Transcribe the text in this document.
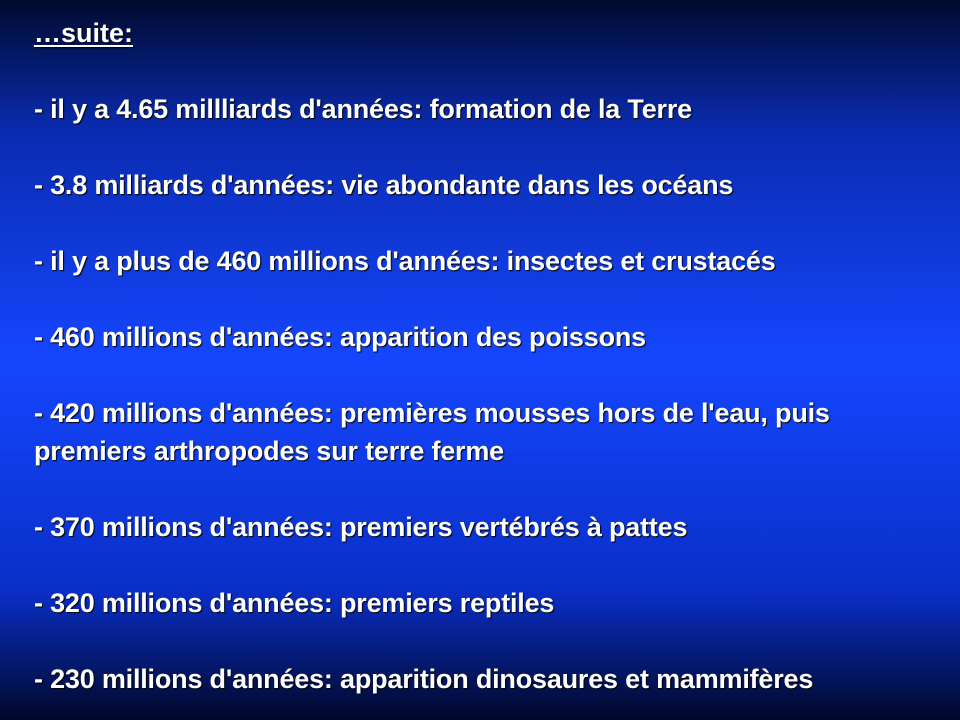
…suite:
- il y a 4.65 millliards d'années: formation de la Terre
- 3.8 milliards d'années: vie abondante dans les océans
- il y a plus de 460 millions d'années: insectes et crustacés
- 460 millions d'années: apparition des poissons
- 420 millions d'années: premières mousses hors de l'eau, puis premiers arthropodes sur terre ferme
- 370 millions d'années: premiers vertébrés à pattes
- 320 millions d'années: premiers reptiles
- 230 millions d'années: apparition dinosaures et mammifères
